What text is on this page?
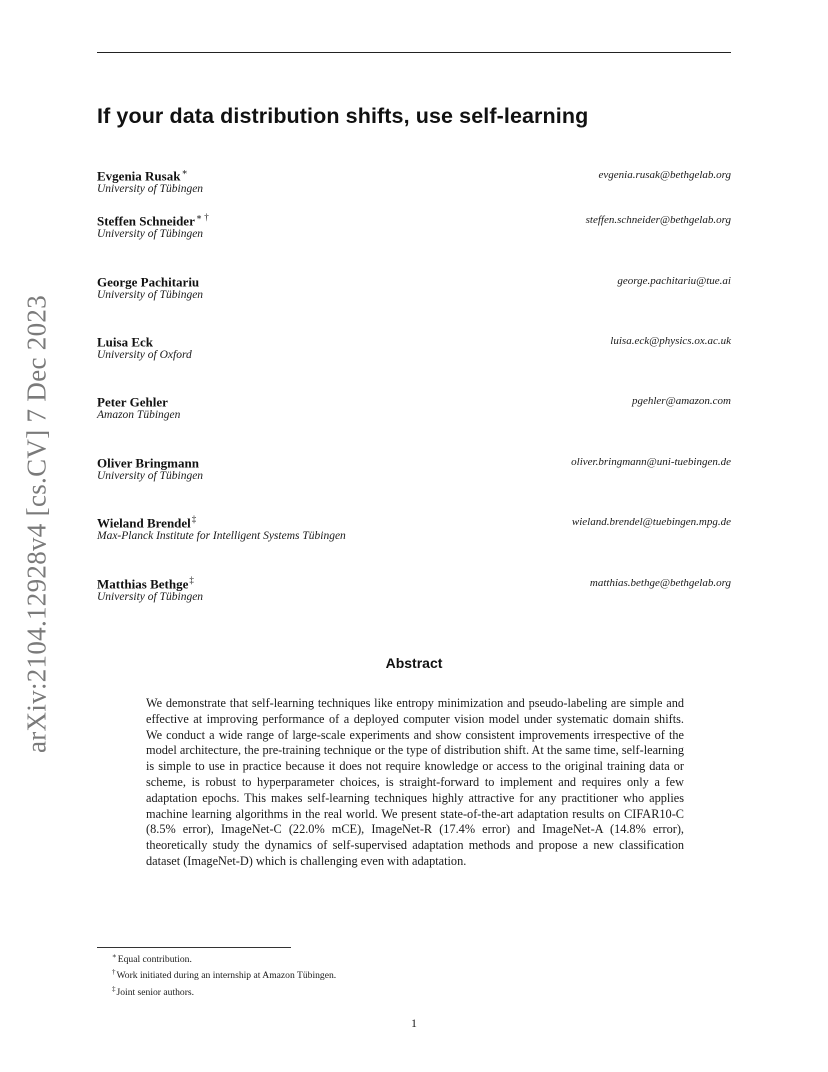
arXiv:2104.12928v4 [cs.CV] 7 Dec 2023
If your data distribution shifts, use self-learning
Evgenia Rusak∗
University of Tübingen
evgenia.rusak@bethgelab.org
Steffen Schneider∗ †
University of Tübingen
steffen.schneider@bethgelab.org
George Pachitariu
University of Tübingen
george.pachitariu@tue.ai
Luisa Eck
University of Oxford
luisa.eck@physics.ox.ac.uk
Peter Gehler
Amazon Tübingen
pgehler@amazon.com
Oliver Bringmann
University of Tübingen
oliver.bringmann@uni-tuebingen.de
Wieland Brendel‡
Max-Planck Institute for Intelligent Systems Tübingen
wieland.brendel@tuebingen.mpg.de
Matthias Bethge‡
University of Tübingen
matthias.bethge@bethgelab.org
Abstract

We demonstrate that self-learning techniques like entropy minimization and pseudo-labeling are simple and effective at improving performance of a deployed computer vision model under systematic domain shifts. We conduct a wide range of large-scale experiments and show consistent improvements irrespective of the model architecture, the pre-training technique or the type of distribution shift. At the same time, self-learning is simple to use in practice because it does not require knowledge or access to the original training data or scheme, is robust to hyperparameter choices, is straight-forward to implement and requires only a few adaptation epochs. This makes self-learning techniques highly attractive for any practitioner who applies machine learning algorithms in the real world. We present state-of-the-art adaptation results on CIFAR10-C (8.5% error), ImageNet-C (22.0% mCE), ImageNet-R (17.4% error) and ImageNet-A (14.8% error), theoretically study the dynamics of self-supervised adaptation methods and propose a new classification dataset (ImageNet-D) which is challenging even with adaptation.

∗Equal contribution.
†Work initiated during an internship at Amazon Tübingen.
‡Joint senior authors.
1
